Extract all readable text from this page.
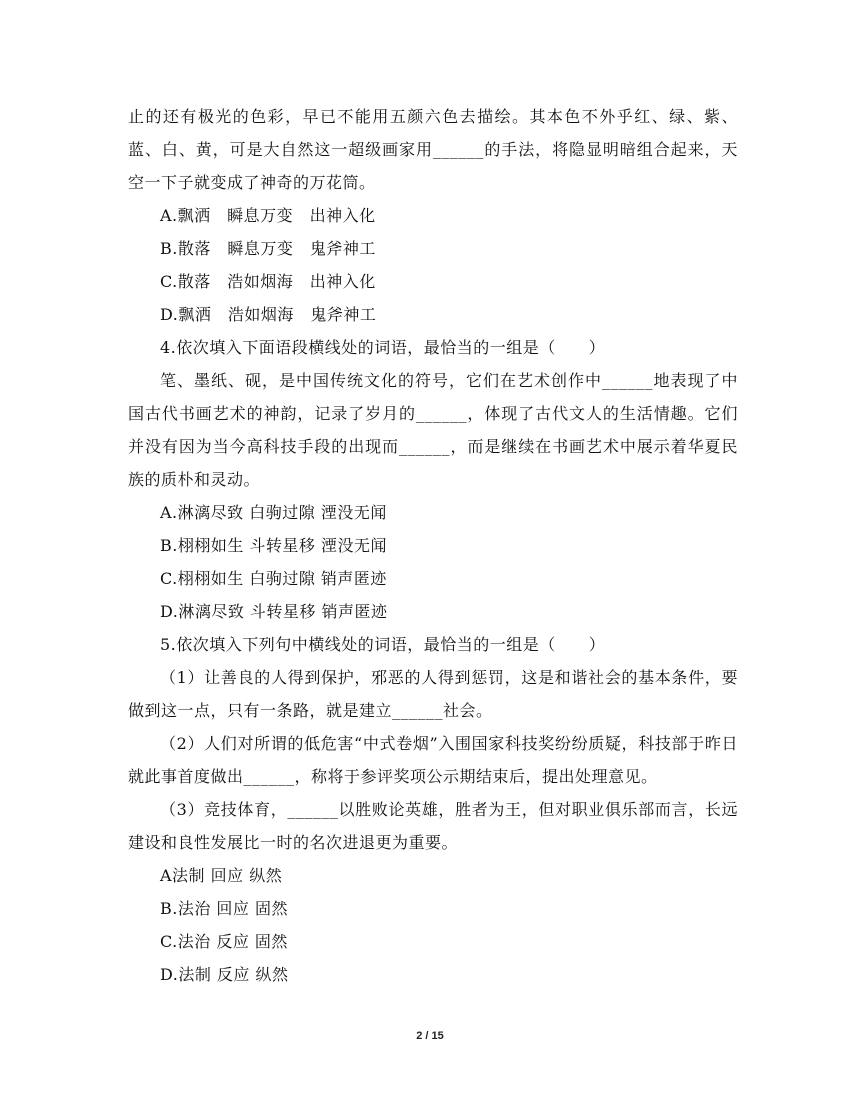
止的还有极光的色彩，早已不能用五颜六色去描绘。其本色不外乎红、绿、紫、蓝、白、黄，可是大自然这一超级画家用______的手法，将隐显明暗组合起来，天空一下子就变成了神奇的万花筒。

A.飘洒　瞬息万变　出神入化

B.散落　瞬息万变　鬼斧神工

C.散落　浩如烟海　出神入化

D.飘洒　浩如烟海　鬼斧神工

4.依次填入下面语段横线处的词语，最恰当的一组是（　　）

笔、墨纸、砚，是中国传统文化的符号，它们在艺术创作中______地表现了中国古代书画艺术的神韵，记录了岁月的______，体现了古代文人的生活情趣。它们并没有因为当今高科技手段的出现而______，而是继续在书画艺术中展示着华夏民族的质朴和灵动。

A.淋漓尽致 白驹过隙 湮没无闻

B.栩栩如生 斗转星移 湮没无闻

C.栩栩如生 白驹过隙 销声匿迹

D.淋漓尽致 斗转星移 销声匿迹

5.依次填入下列句中横线处的词语，最恰当的一组是（　　）

（1）让善良的人得到保护，邪恶的人得到惩罚，这是和谐社会的基本条件，要做到这一点，只有一条路，就是建立______社会。

（2）人们对所谓的低危害“中式卷烟”入围国家科技奖纷纷质疑，科技部于昨日就此事首度做出______，称将于参评奖项公示期结束后，提出处理意见。

（3）竞技体育，______以胜败论英雄，胜者为王，但对职业俱乐部而言，长远建设和良性发展比一时的名次进退更为重要。

A法制 回应 纵然

B.法治 回应 固然

C.法治 反应 固然

D.法制 反应 纵然

2 / 15
